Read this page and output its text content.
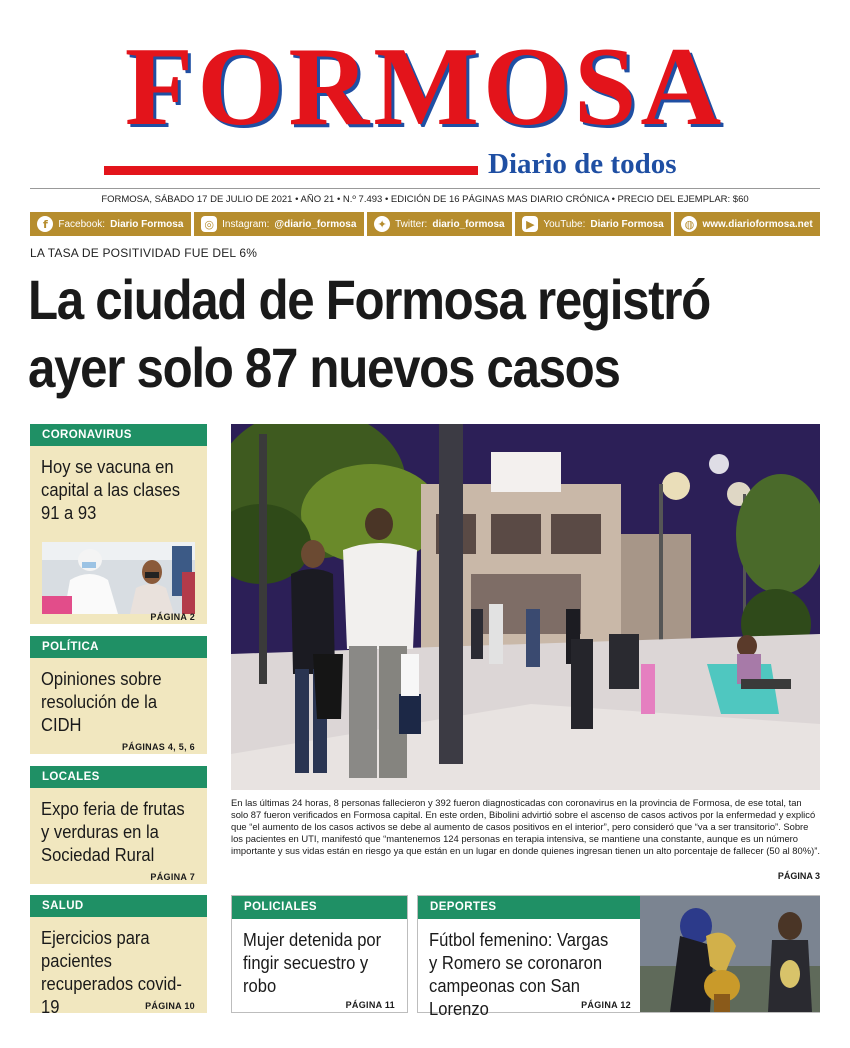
FORMOSA
Diario de todos
FORMOSA, SÁBADO 17 DE JULIO DE 2021 • AÑO 21 • N.º 7.493 • EDICIÓN DE 16 PÁGINAS MAS DIARIO CRÓNICA • PRECIO DEL EJEMPLAR: $60
f	Facebook: Diario Formosa ◎ Instagram: @diario_formosa	✦ Twitter: diario_formosa	▶ YouTube: Diario Formosa ◍ www.diarioformosa.net
LA TASA DE POSITIVIDAD FUE DEL 6%
La ciudad de Formosa registró
ayer solo 87 nuevos casos
CORONAVIRUS
Hoy se vacuna en capital a las clases 91 a 93
PÁGINA 2
POLÍTICA
Opiniones sobre resolución de la CIDH
PÁGINAS 4, 5, 6
LOCALES
Expo feria de frutas y verduras en la Sociedad Rural
PÁGINA 7
SALUD
Ejercicios para pacientes recuperados covid-19	PÁGINA 10
En las últimas 24 horas, 8 personas fallecieron y 392 fueron diagnosticadas con coronavirus en la provincia de Formosa, de ese total, tan solo 87 fueron verificados en Formosa capital. En este orden, Bibolini advirtió sobre el ascenso de casos activos por la enfermedad y explicó que “el aumento de los casos activos se debe al aumento de casos positivos en el interior”, pero consideró que “va a ser transitorio”. Sobre los pacientes en UTI, manifestó que “mantenemos 124 personas en terapia intensiva, se mantiene una constante, aunque es un número importante y sus vidas están en riesgo ya que están en un lugar en donde quienes ingresan tienen un alto porcentaje de fallecer (50 al 80%)”.
PÁGINA 3
POLICIALES
Mujer detenida por fingir secuestro y robo
PÁGINA 11
DEPORTES
Fútbol femenino: Vargas y Romero se coronaron campeonas con San Lorenzo	PÁGINA 12
